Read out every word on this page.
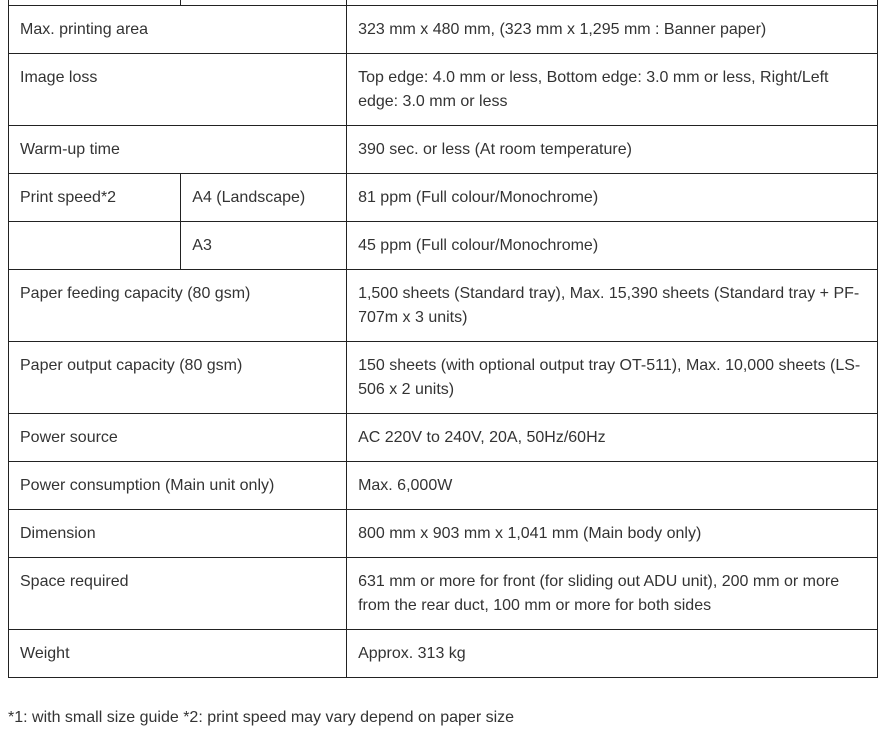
Max. printing area		323 mm x 480 mm, (323 mm x 1,295 mm : Banner paper)
Image loss		Top edge: 4.0 mm or less, Bottom edge: 3.0 mm or less, Right/Left edge: 3.0 mm or less
Warm-up time		390 sec. or less (At room temperature)
Print speed*2	A4 (Landscape)	81 ppm (Full colour/Monochrome)
	A3	45 ppm (Full colour/Monochrome)
Paper feeding capacity (80 gsm)		1,500 sheets (Standard tray), Max. 15,390 sheets (Standard tray + PF-707m x 3 units)
Paper output capacity (80 gsm)		150 sheets (with optional output tray OT-511), Max. 10,000 sheets (LS-506 x 2 units)
Power source		AC 220V to 240V, 20A, 50Hz/60Hz
Power consumption (Main unit only)		Max. 6,000W
Dimension		800 mm x 903 mm x 1,041 mm (Main body only)
Space required		631 mm or more for front (for sliding out ADU unit), 200 mm or more from the rear duct, 100 mm or more for both sides
Weight		Approx. 313 kg
*1: with small size guide *2: print speed may vary depend on paper size
